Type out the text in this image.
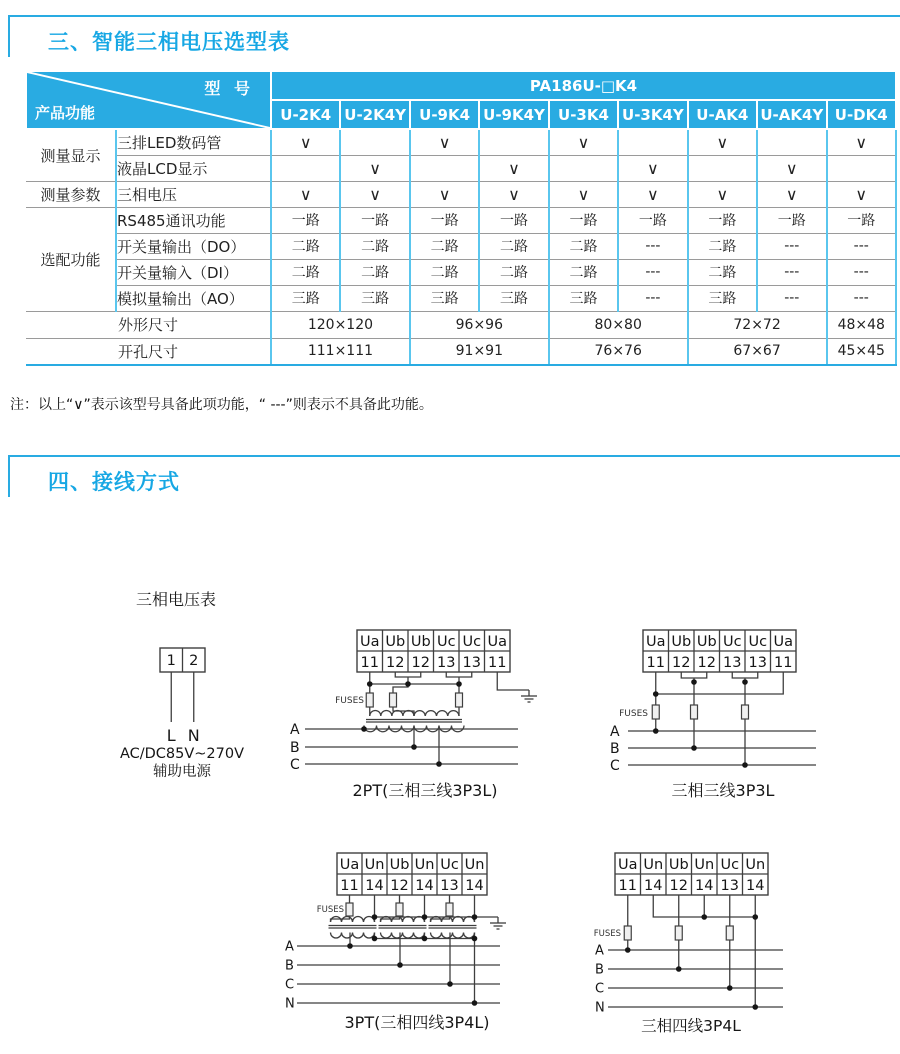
三、智能三相电压选型表
型 号
产品功能		PA186U-□K4								
		U-2K4	U-2K4Y	U-9K4	U-9K4Y	U-3K4	U-3K4Y	U-AK4	U-AK4Y	U-DK4
测量显示	三排LED数码管	∨		∨		∨		∨		∨
	液晶LCD显示		∨		∨		∨		∨	
测量参数	三相电压	∨	∨	∨	∨	∨	∨	∨	∨	∨
选配功能	RS485通讯功能	一路	一路	一路	一路	一路	一路	一路	一路	一路
	开关量输出（DO）	二路	二路	二路	二路	二路	---	二路	---	---
	开关量输入（DI）	二路	二路	二路	二路	二路	---	二路	---	---
	模拟量输出（AO）	三路	三路	三路	三路	三路	---	三路	---	---
外形尺寸		120×120		96×96		80×80		72×72		48×48
开孔尺寸		111×111		91×91		76×76		67×67		45×45
注：以上“∨”表示该型号具备此项功能，“ ---”则表示不具备此功能。
四、接线方式
三相电压表
1 2
L N
AC/DC85V~270V
辅助电源
Ua Ub Ub Uc Uc Ua
11 12 12 13 13 11
FUSES
A
B
C
2PT(三相三线3P3L)
Ua Ub Ub Uc Uc Ua
11 12 12 13 13 11
FUSES
A
B
C
三相三线3P3L
Ua Un Ub Un Uc Un
11 14 12 14 13 14
FUSES
A
B
C
N
3PT(三相四线3P4L)
Ua Un Ub Un Uc Un
11 14 12 14 13 14
FUSES
A
B
C
N
三相四线3P4L
